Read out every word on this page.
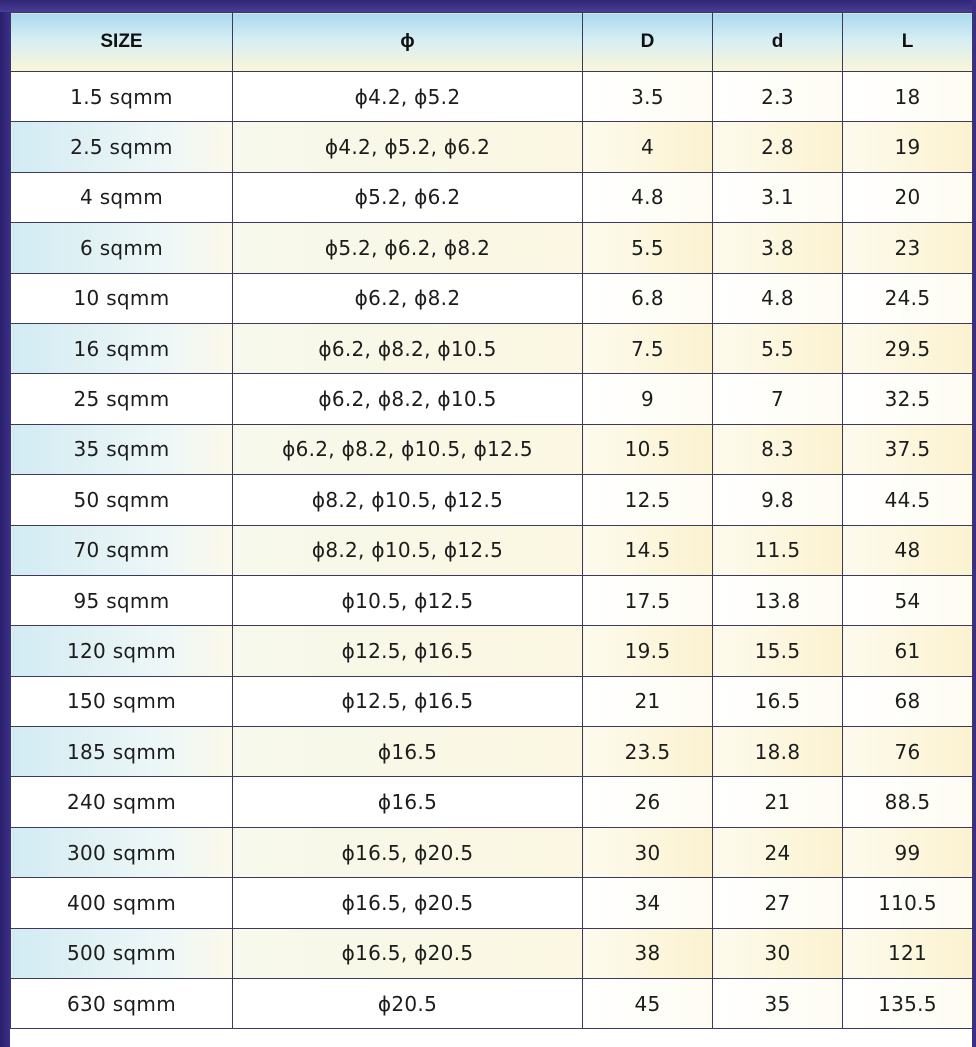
SIZE	ϕ	D	d	L
1.5 sqmm	ϕ4.2, ϕ5.2	3.5	2.3	18
2.5 sqmm	ϕ4.2, ϕ5.2, ϕ6.2	4	2.8	19
4 sqmm	ϕ5.2, ϕ6.2	4.8	3.1	20
6 sqmm	ϕ5.2, ϕ6.2, ϕ8.2	5.5	3.8	23
10 sqmm	ϕ6.2, ϕ8.2	6.8	4.8	24.5
16 sqmm	ϕ6.2, ϕ8.2, ϕ10.5	7.5	5.5	29.5
25 sqmm	ϕ6.2, ϕ8.2, ϕ10.5	9	7	32.5
35 sqmm	ϕ6.2, ϕ8.2, ϕ10.5, ϕ12.5	10.5	8.3	37.5
50 sqmm	ϕ8.2, ϕ10.5, ϕ12.5	12.5	9.8	44.5
70 sqmm	ϕ8.2, ϕ10.5, ϕ12.5	14.5	11.5	48
95 sqmm	ϕ10.5, ϕ12.5	17.5	13.8	54
120 sqmm	ϕ12.5, ϕ16.5	19.5	15.5	61
150 sqmm	ϕ12.5, ϕ16.5	21	16.5	68
185 sqmm	ϕ16.5	23.5	18.8	76
240 sqmm	ϕ16.5	26	21	88.5
300 sqmm	ϕ16.5, ϕ20.5	30	24	99
400 sqmm	ϕ16.5, ϕ20.5	34	27	110.5
500 sqmm	ϕ16.5, ϕ20.5	38	30	121
630 sqmm	ϕ20.5	45	35	135.5
